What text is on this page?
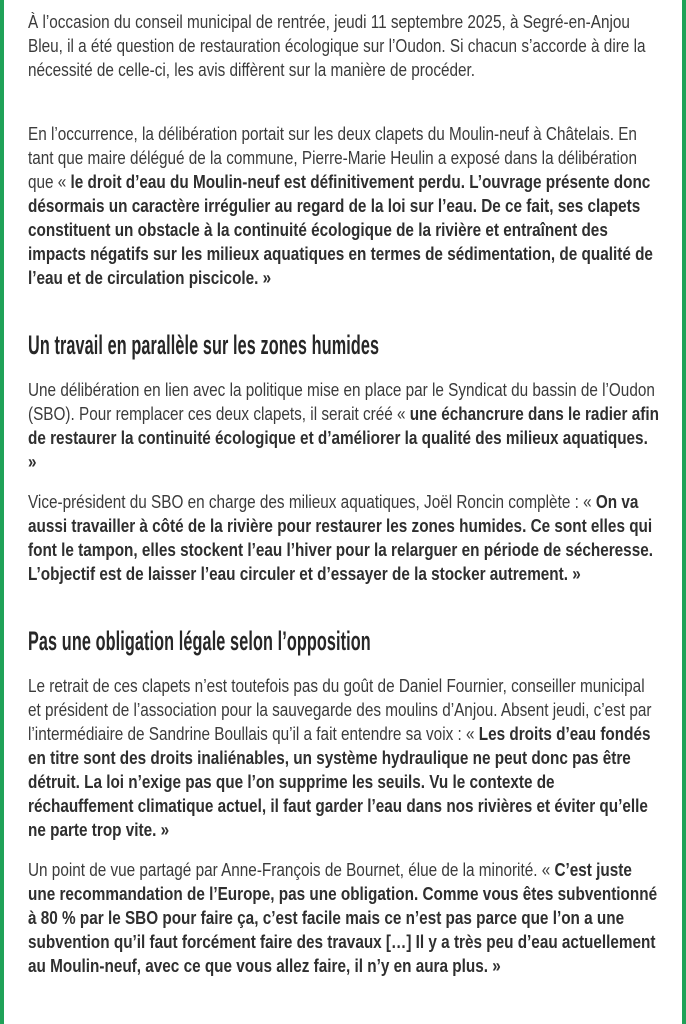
À l’occasion du conseil municipal de rentrée, jeudi 11 septembre 2025, à Segré-en-Anjou Bleu, il a été question de restauration écologique sur l’Oudon. Si chacun s’accorde à dire la nécessité de celle-ci, les avis diffèrent sur la manière de procéder.

En l’occurrence, la délibération portait sur les deux clapets du Moulin-neuf à Châtelais. En tant que maire délégué de la commune, Pierre-Marie Heulin a exposé dans la délibération que « le droit d’eau du Moulin-neuf est définitivement perdu. L’ouvrage présente donc désormais un caractère irrégulier au regard de la loi sur l’eau. De ce fait, ses clapets constituent un obstacle à la continuité écologique de la rivière et entraînent des impacts négatifs sur les milieux aquatiques en termes de sédimentation, de qualité de l’eau et de circulation piscicole. »

Un travail en parallèle sur les zones humides

Une délibération en lien avec la politique mise en place par le Syndicat du bassin de l’Oudon (SBO). Pour remplacer ces deux clapets, il serait créé « une échancrure dans le radier afin de restaurer la continuité écologique et d’améliorer la qualité des milieux aquatiques. »

Vice-président du SBO en charge des milieux aquatiques, Joël Roncin complète : « On va aussi travailler à côté de la rivière pour restaurer les zones humides. Ce sont elles qui font le tampon, elles stockent l’eau l’hiver pour la relarguer en période de sécheresse. L’objectif est de laisser l’eau circuler et d’essayer de la stocker autrement. »

Pas une obligation légale selon l’opposition

Le retrait de ces clapets n’est toutefois pas du goût de Daniel Fournier, conseiller municipal et président de l’association pour la sauvegarde des moulins d’Anjou. Absent jeudi, c’est par l’intermédiaire de Sandrine Boullais qu’il a fait entendre sa voix : « Les droits d’eau fondés en titre sont des droits inaliénables, un système hydraulique ne peut donc pas être détruit. La loi n’exige pas que l’on supprime les seuils. Vu le contexte de réchauffement climatique actuel, il faut garder l’eau dans nos rivières et éviter qu’elle ne parte trop vite. »

Un point de vue partagé par Anne-François de Bournet, élue de la minorité. « C’est juste une recommandation de l’Europe, pas une obligation. Comme vous êtes subventionné à 80 % par le SBO pour faire ça, c’est facile mais ce n’est pas parce que l’on a une subvention qu’il faut forcément faire des travaux […] Il y a très peu d’eau actuellement au Moulin-neuf, avec ce que vous allez faire, il n’y en aura plus. »
